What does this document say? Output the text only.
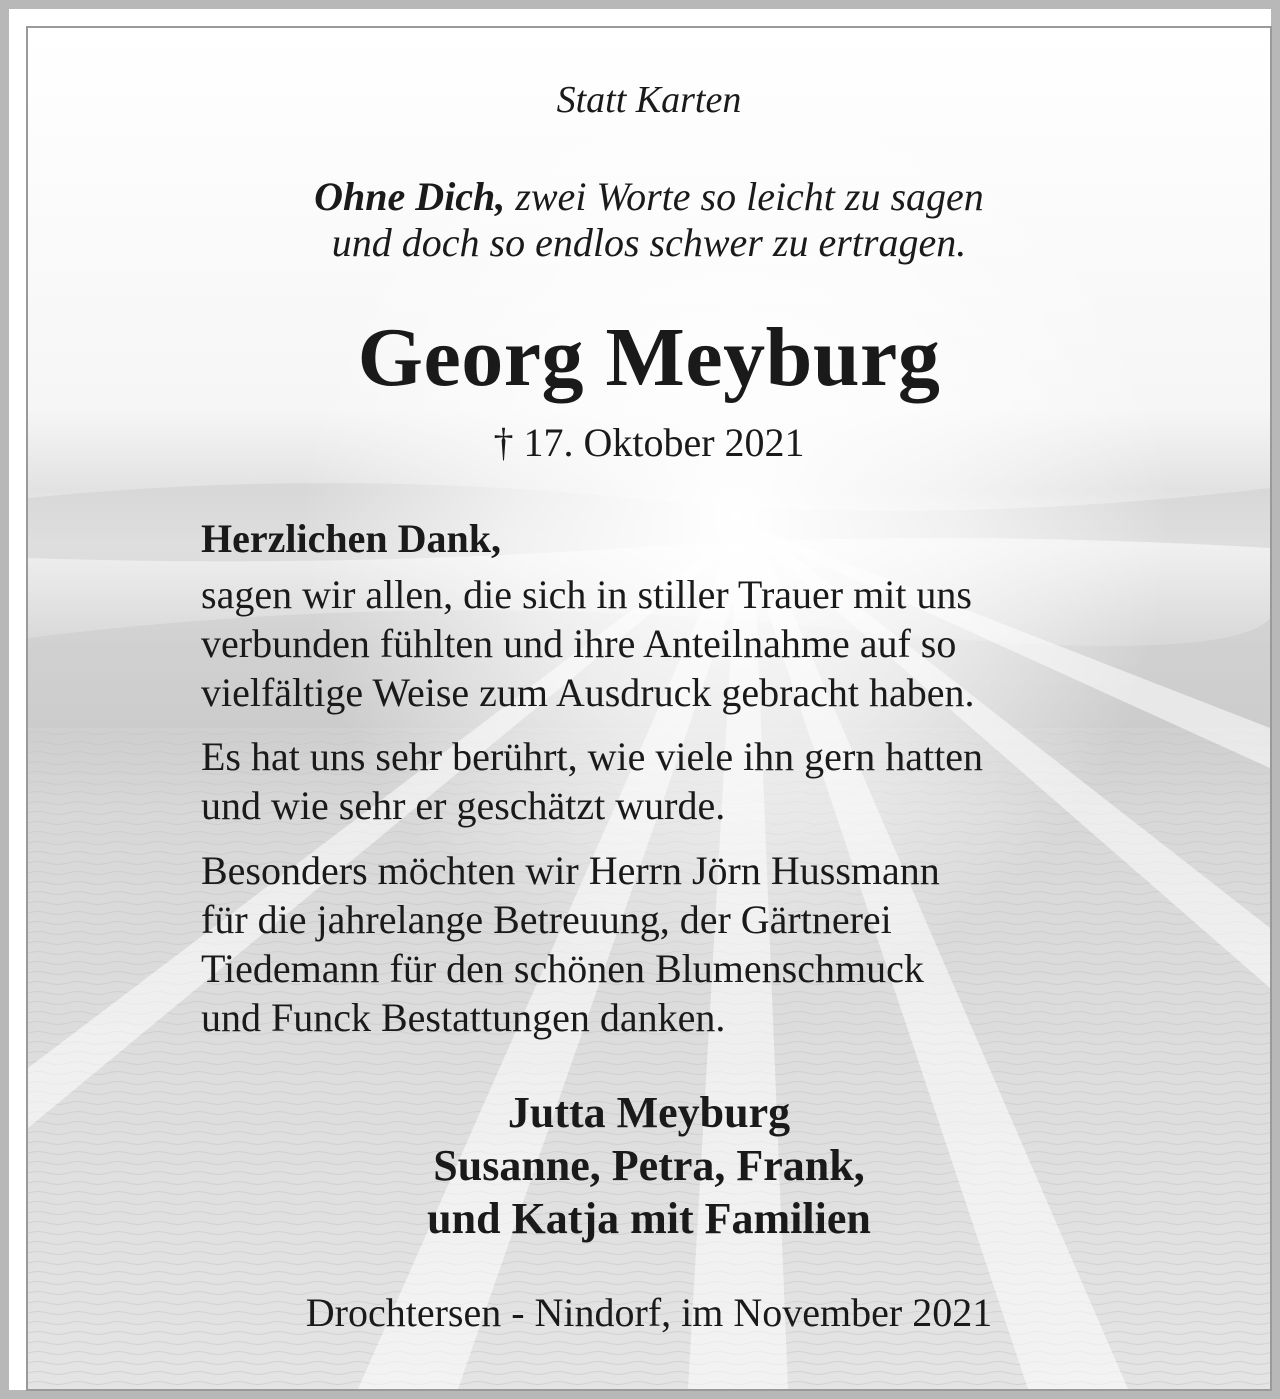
Statt Karten
Ohne Dich, zwei Worte so leicht zu sagen
und doch so endlos schwer zu ertragen.
Georg Meyburg
† 17. Oktober 2021
Herzlichen Dank,
sagen wir allen, die sich in stiller Trauer mit uns
verbunden fühlten und ihre Anteilnahme auf so
vielfältige Weise zum Ausdruck gebracht haben.
Es hat uns sehr berührt, wie viele ihn gern hatten
und wie sehr er geschätzt wurde.
Besonders möchten wir Herrn Jörn Hussmann
für die jahrelange Betreuung, der Gärtnerei
Tiedemann für den schönen Blumenschmuck
und Funck Bestattungen danken.
Jutta Meyburg
Susanne, Petra, Frank,
und Katja mit Familien
Drochtersen - Nindorf, im November 2021
